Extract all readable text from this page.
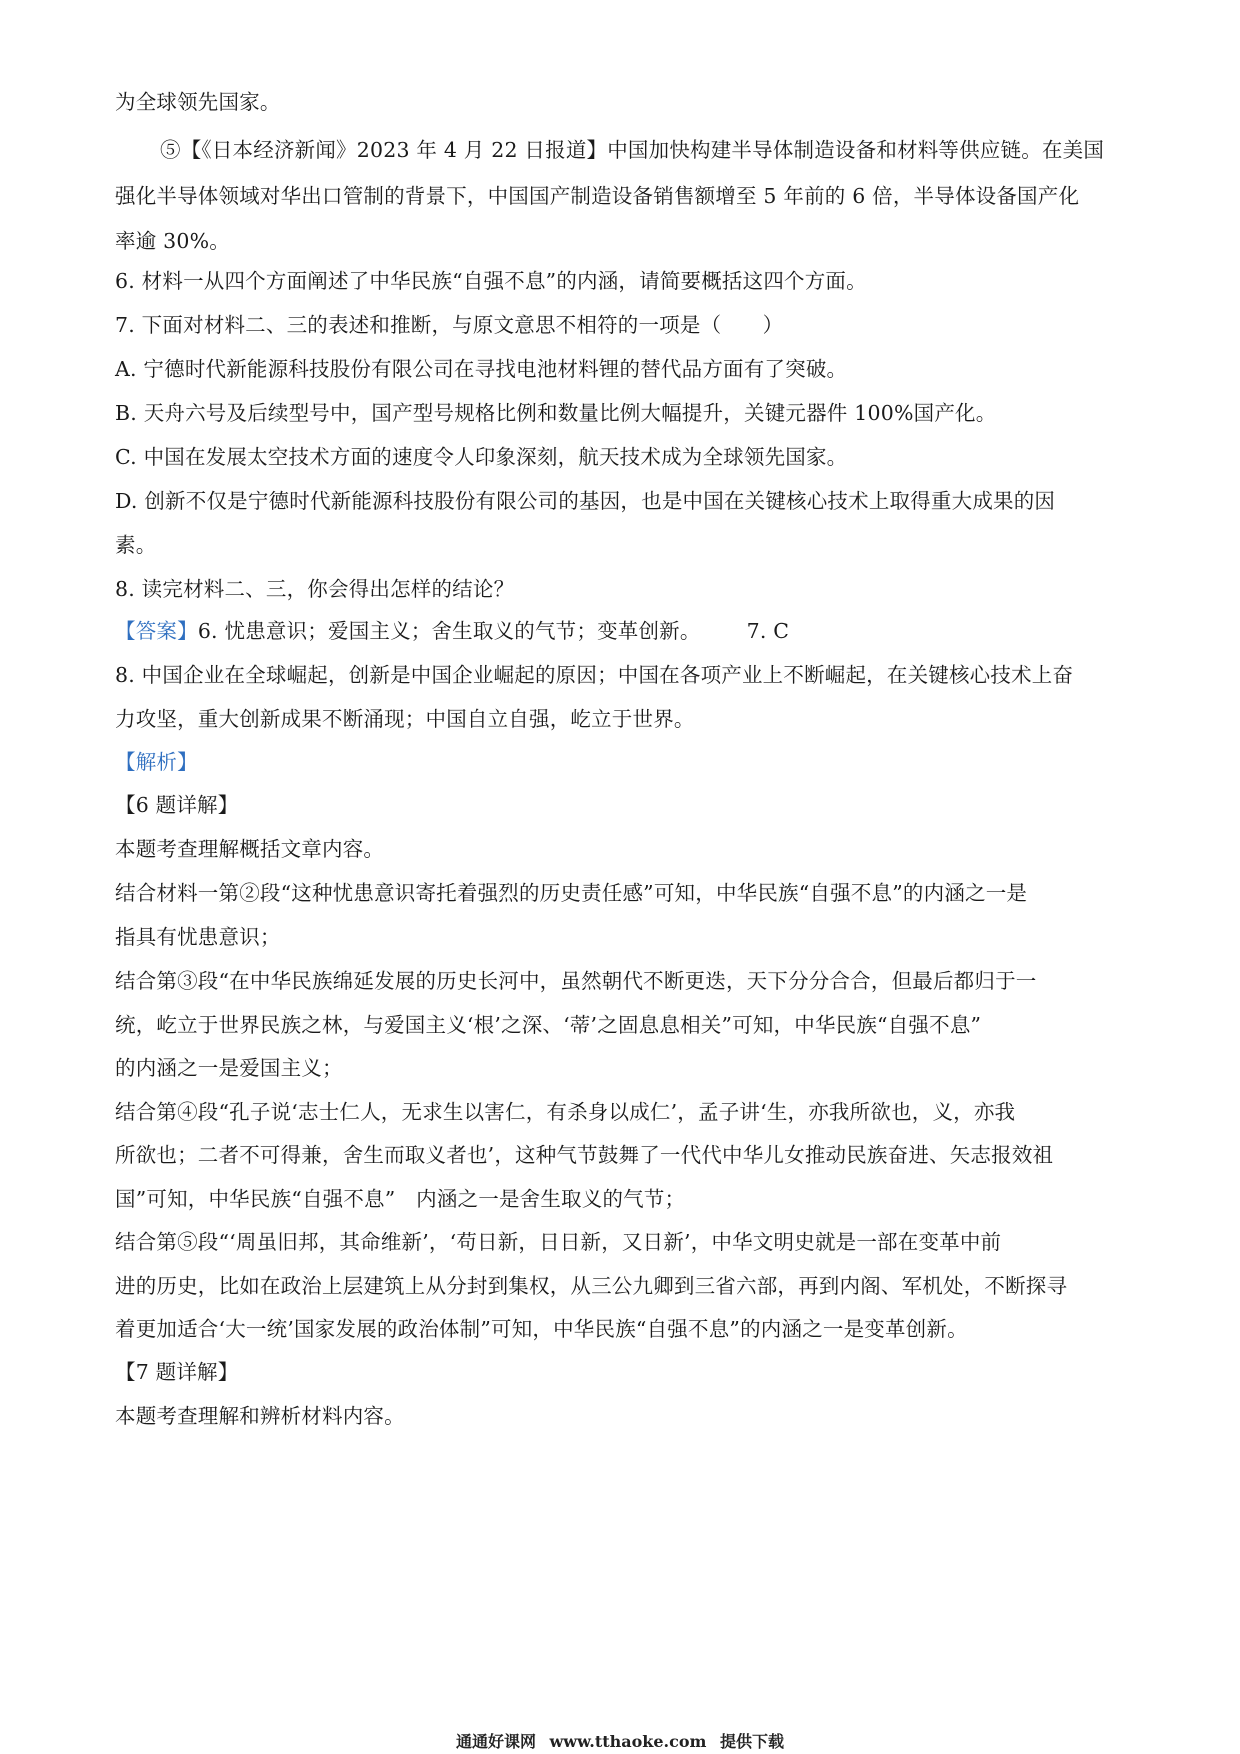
为全球领先国家。
⑤【《日本经济新闻》2023 年 4 月 22 日报道】中国加快构建半导体制造设备和材料等供应链。在美国
强化半导体领域对华出口管制的背景下，中国国产制造设备销售额增至 5 年前的 6 倍，半导体设备国产化
率逾 30%。
6. 材料一从四个方面阐述了中华民族“自强不息”的内涵，请简要概括这四个方面。
7. 下面对材料二、三的表述和推断，与原文意思不相符的一项是（　　）
A. 宁德时代新能源科技股份有限公司在寻找电池材料锂的替代品方面有了突破。
B. 天舟六号及后续型号中，国产型号规格比例和数量比例大幅提升，关键元器件 100%国产化。
C. 中国在发展太空技术方面的速度令人印象深刻，航天技术成为全球领先国家。
D. 创新不仅是宁德时代新能源科技股份有限公司的基因，也是中国在关键核心技术上取得重大成果的因
素。
8. 读完材料二、三，你会得出怎样的结论？
【答案】6. 忧患意识；爱国主义；舍生取义的气节；变革创新。 7. C
8. 中国企业在全球崛起，创新是中国企业崛起的原因；中国在各项产业上不断崛起，在关键核心技术上奋
力攻坚，重大创新成果不断涌现；中国自立自强，屹立于世界。
【解析】
【6 题详解】
本题考查理解概括文章内容。
结合材料一第②段“这种忧患意识寄托着强烈的历史责任感”可知，中华民族“自强不息”的内涵之一是
指具有忧患意识；
结合第③段“在中华民族绵延发展的历史长河中，虽然朝代不断更迭，天下分分合合，但最后都归于一
统，屹立于世界民族之林，与爱国主义‘根’之深、‘蒂’之固息息相关”可知，中华民族“自强不息”
的内涵之一是爱国主义；
结合第④段“孔子说‘志士仁人，无求生以害仁，有杀身以成仁’，孟子讲‘生，亦我所欲也，义，亦我
所欲也；二者不可得兼，舍生而取义者也’，这种气节鼓舞了一代代中华儿女推动民族奋进、矢志报效祖
国”可知，中华民族“自强不息”　内涵之一是舍生取义的气节；
结合第⑤段“‘周虽旧邦，其命维新’，‘苟日新，日日新，又日新’，中华文明史就是一部在变革中前
进的历史，比如在政治上层建筑上从分封到集权，从三公九卿到三省六部，再到内阁、军机处，不断探寻
着更加适合‘大一统’国家发展的政治体制”可知，中华民族“自强不息”的内涵之一是变革创新。
【7 题详解】
本题考查理解和辨析材料内容。
通通好课网 www.tthaoke.com 提供下载
